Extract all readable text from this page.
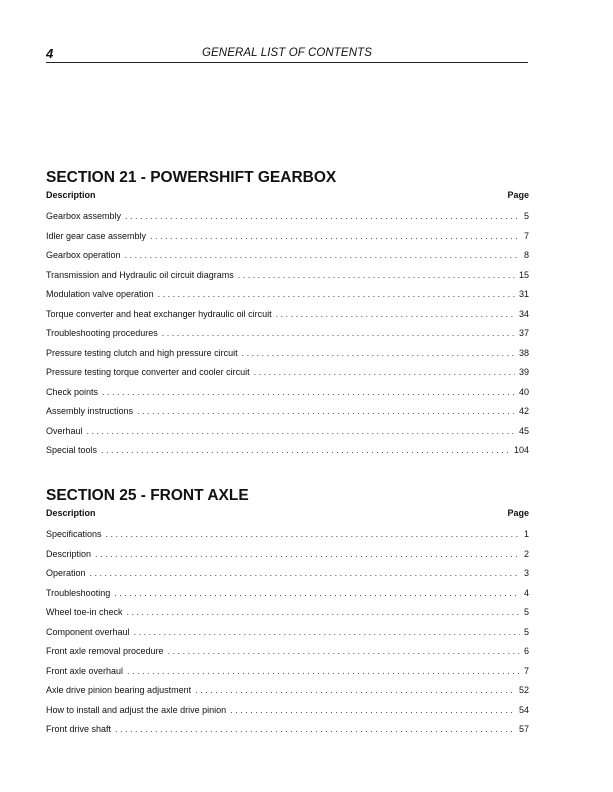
4	GENERAL LIST OF CONTENTS
SECTION 21 - POWERSHIFT GEARBOX
Description	Page
Gearbox assembly . . .	5
Idler gear case assembly . . .	7
Gearbox operation . . .	8
Transmission and Hydraulic oil circuit diagrams . . .	15
Modulation valve operation . . .	31
Torque converter and heat exchanger hydraulic oil circuit . . .	34
Troubleshooting procedures . . .	37
Pressure testing clutch and high pressure circuit . . .	38
Pressure testing torque converter and cooler circuit . . .	39
Check points . . .	40
Assembly instructions . . .	42
Overhaul . . .	45
Special tools . . .	104
SECTION 25 - FRONT AXLE
Description	Page
Specifications . . .	1
Description . . .	2
Operation . . .	3
Troubleshooting . . .	4
Wheel toe-in check . . .	5
Component overhaul . . .	5
Front axle removal procedure . . .	6
Front axle overhaul . . .	7
Axle drive pinion bearing adjustment . . .	52
How to install and adjust the axle drive pinion . . .	54
Front drive shaft . . .	57
